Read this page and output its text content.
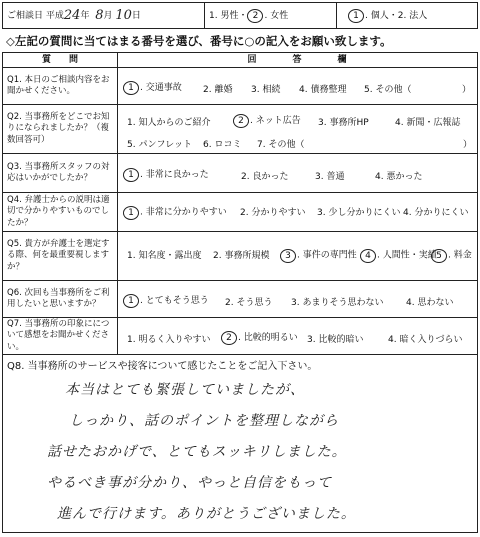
ご相談日
平成 24 年
8 月
10 日	1. 男性 ・ 2 . 女性	1 . 個人 ・ 2. 法人
◇左記の質問に当てはまる番号を選び、番号に○の記入をお願い致します。
質　　問	回　　　　答　　　　欄
Q1. 本日のご相談内容をお聞かせください。	1 . 交通事故 2. 離婚 3. 相続 4. 債務整理 5. その他（	）
Q2. 当事務所をどこでお知りになられましたか？（複数回答可）
1. 知人からのご紹介	2 . ネット広告 3. 事務所HP	4. 新聞・広報誌
5. パンフレット 6. ロコミ 7. その他（	）
Q3. 当事務所スタッフの対応はいかがでしたか？	1 . 非常に良かった	2. 良かった	3. 普通	4. 悪かった
Q4. 弁護士からの説明は適切で分かりやすいものでしたか？
1 . 非常に分かりやすい 2. 分かりやすい 3. 少し分かりにくい 4. 分かりにくい
Q5. 貴方が弁護士を選定する際、何を最重要視しますか？
1. 知名度・露出度 2. 事務所規模	3 . 事件の専門性 4 . 人間性・実績 5 . 料金
Q6. 次回も当事務所をご利用したいと思いますか？	1 . とてもそう思う 2. そう思う 3. あまりそう思わない	4. 思わない
Q7. 当事務所の印象にについて感想をお聞かせください。
1. 明るく入りやすい	2 . 比較的明るい 3. 比較的暗い	4. 暗く入りづらい
Q8. 当事務所のサービスや接客について感じたことをご記入下さい。
本当はとても緊張していましたが、
しっかり、話のポイントを整理しながら
話せたおかげで、とてもスッキリしました。
やるべき事が分かり、やっと自信をもって
進んで行けます。ありがとうございました。
